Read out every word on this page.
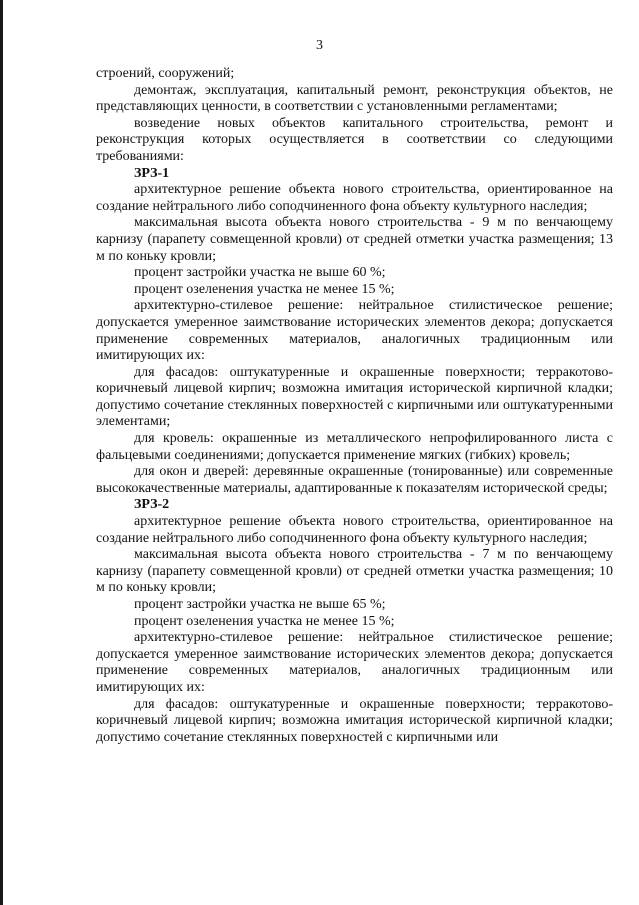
3

строений, сооружений;

демонтаж, эксплуатация, капитальный ремонт, реконструкция объектов, не представляющих ценности, в соответствии с установленными регламентами;

возведение новых объектов капитального строительства, ремонт и реконструкция которых осуществляется в соответствии со следующими требованиями:

ЗРЗ-1

архитектурное решение объекта нового строительства, ориентированное на создание нейтрального либо соподчиненного фона объекту культурного наследия;

максимальная высота объекта нового строительства - 9 м по венчающему карнизу (парапету совмещенной кровли) от средней отметки участка размещения; 13 м по коньку кровли;

процент застройки участка не выше 60 %;

процент озеленения участка не менее 15 %;

архитектурно-стилевое решение: нейтральное стилистическое решение; допускается умеренное заимствование исторических элементов декора; допускается применение современных материалов, аналогичных традиционным или имитирующих их:

для фасадов: оштукатуренные и окрашенные поверхности; терракотово-коричневый лицевой кирпич; возможна имитация исторической кирпичной кладки; допустимо сочетание стеклянных поверхностей с кирпичными или оштукатуренными элементами;

для кровель: окрашенные из металлического непрофилированного листа с фальцевыми соединениями; допускается применение мягких (гибких) кровель;

для окон и дверей: деревянные окрашенные (тонированные) или современные высококачественные материалы, адаптированные к показателям исторической среды;

ЗРЗ-2

архитектурное решение объекта нового строительства, ориентированное на создание нейтрального либо соподчиненного фона объекту культурного наследия;

максимальная высота объекта нового строительства - 7 м по венчающему карнизу (парапету совмещенной кровли) от средней отметки участка размещения; 10 м по коньку кровли;

процент застройки участка не выше 65 %;

процент озеленения участка не менее 15 %;

архитектурно-стилевое решение: нейтральное стилистическое решение; допускается умеренное заимствование исторических элементов декора; допускается применение современных материалов, аналогичных традиционным или имитирующих их:

для фасадов: оштукатуренные и окрашенные поверхности; терракотово-коричневый лицевой кирпич; возможна имитация исторической кирпичной кладки; допустимо сочетание стеклянных поверхностей с кирпичными или
